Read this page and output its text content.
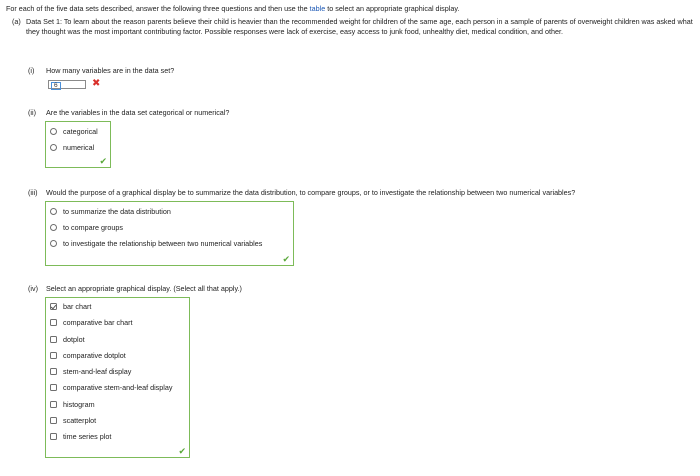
For each of the five data sets described, answer the following three questions and then use the table to select an appropriate graphical display.
(a) Data Set 1: To learn about the reason parents believe their child is heavier than the recommended weight for children of the same age, each person in a sample of parents of overweight children was asked what they thought was the most important contributing factor. Possible responses were lack of exercise, easy access to junk food, unhealthy diet, medical condition, and other.
(i) How many variables are in the data set?
6	✖
(ii) Are the variables in the data set categorical or numerical?
categorical
numerical
✔
(iii) Would the purpose of a graphical display be to summarize the data distribution, to compare groups, or to investigate the relationship between two numerical variables?
to summarize the data distribution
to compare groups
to investigate the relationship between two numerical variables
✔
(iv) Select an appropriate graphical display. (Select all that apply.)
bar chart
comparative bar chart
dotplot
comparative dotplot
stem-and-leaf display
comparative stem-and-leaf display
histogram
scatterplot
time series plot
✔
